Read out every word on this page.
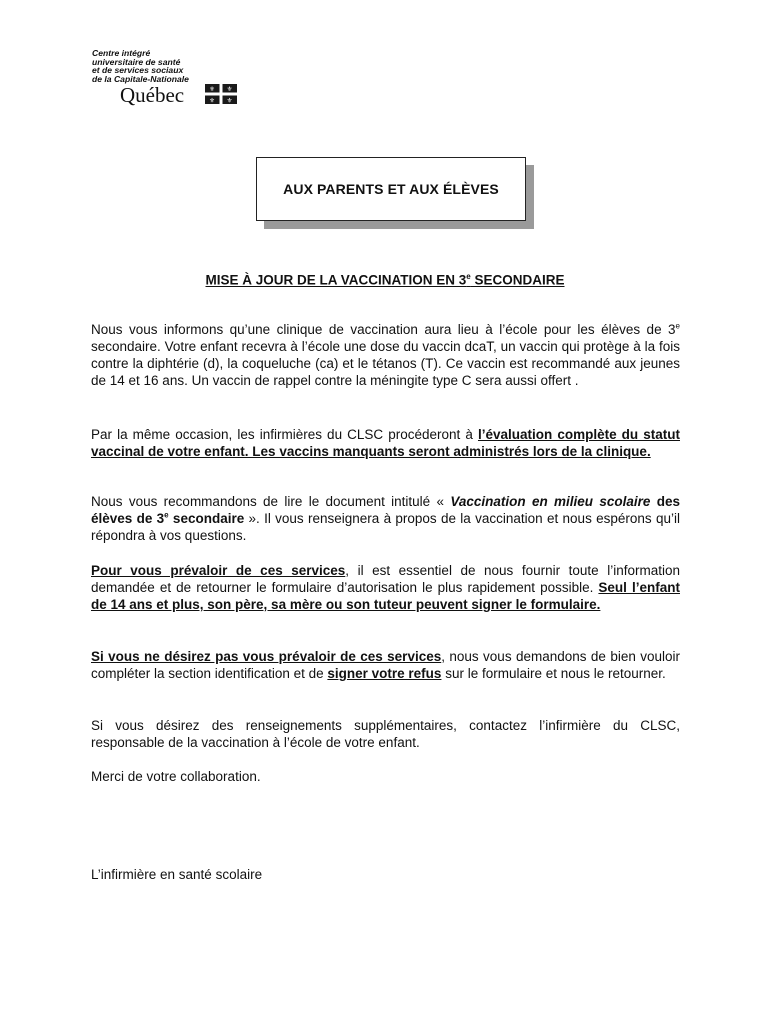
Centre intégré
universitaire de santé
et de services sociaux
de la Capitale-Nationale
Québec	⚜ ⚜
⚜ ⚜
AUX PARENTS ET AUX ÉLÈVES
MISE À JOUR DE LA VACCINATION EN 3e SECONDAIRE
Nous vous informons qu’une clinique de vaccination aura lieu à l’école pour les élèves de 3e secondaire. Votre enfant recevra à l’école une dose du vaccin dcaT, un vaccin qui protège à la fois contre la diphtérie (d), la coqueluche (ca) et le tétanos (T). Ce vaccin est recommandé aux jeunes de 14 et 16 ans. Un vaccin de rappel contre la méningite type C sera aussi offert .
Par la même occasion, les infirmières du CLSC procéderont à l’évaluation complète du statut vaccinal de votre enfant. Les vaccins manquants seront administrés lors de la clinique.
Nous vous recommandons de lire le document intitulé « Vaccination en milieu scolaire des élèves de 3e secondaire ». Il vous renseignera à propos de la vaccination et nous espérons qu’il répondra à vos questions.
Pour vous prévaloir de ces services, il est essentiel de nous fournir toute l’information demandée et de retourner le formulaire d’autorisation le plus rapidement possible. Seul l’enfant de 14 ans et plus, son père, sa mère ou son tuteur peuvent signer le formulaire.
Si vous ne désirez pas vous prévaloir de ces services, nous vous demandons de bien vouloir compléter la section identification et de signer votre refus sur le formulaire et nous le retourner.
Si vous désirez des renseignements supplémentaires, contactez l’infirmière du CLSC, responsable de la vaccination à l’école de votre enfant.
Merci de votre collaboration.
L’infirmière en santé scolaire
